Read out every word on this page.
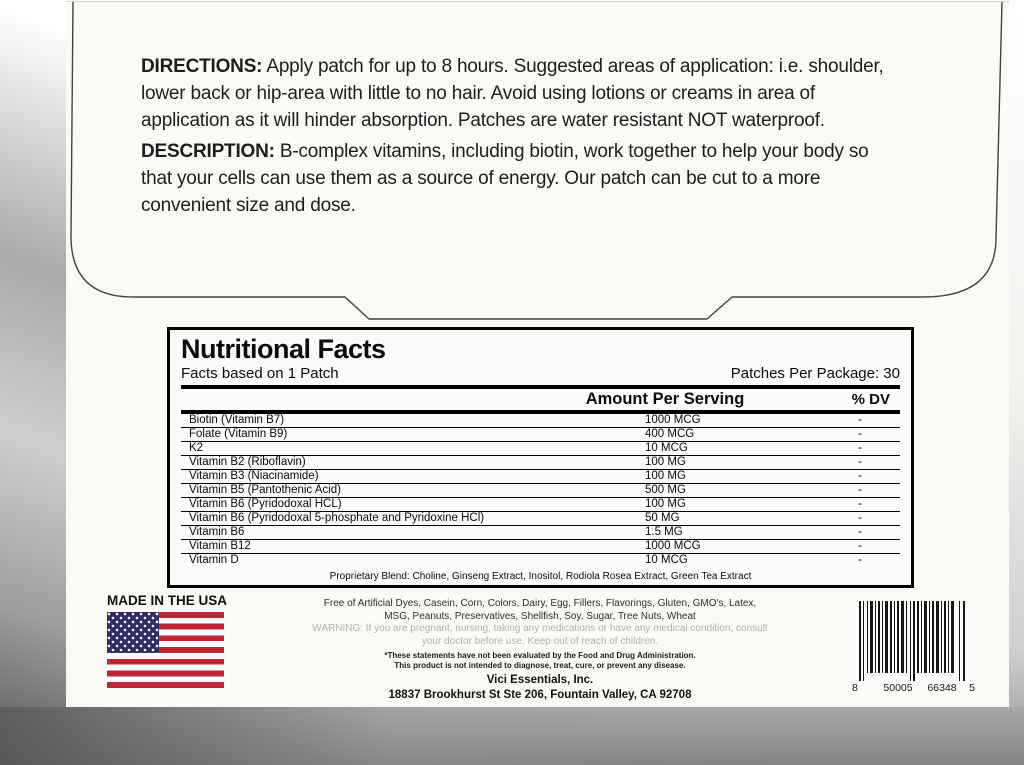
DIRECTIONS: Apply patch for up to 8 hours. Suggested areas of application: i.e. shoulder,
lower back or hip-area with little to no hair. Avoid using lotions or creams in area of
application as it will hinder absorption. Patches are water resistant NOT waterproof.
DESCRIPTION: B-complex vitamins, including biotin, work together to help your body so
that your cells can use them as a source of energy. Our patch can be cut to a more
convenient size and dose.
Nutritional Facts
Facts based on 1 Patch	Patches Per Package: 30
Amount Per Serving	% DV
Biotin (Vitamin B7)	1000 MCG	-
Folate (Vitamin B9)	400 MCG	-
K2	10 MCG	-
Vitamin B2 (Riboflavin)	100 MG	-
Vitamin B3 (Niacinamide)	100 MG	-
Vitamin B5 (Pantothenic Acid)	500 MG	-
Vitamin B6 (Pyridodoxal HCL)	100 MG	-
Vitamin B6 (Pyridodoxal 5-phosphate and Pyridoxine HCl)	50 MG	-
Vitamin B6	1.5 MG	-
Vitamin B12	1000 MCG	-
Vitamin D	10 MCG	-
Proprietary Blend: Choline, Ginseng Extract, Inositol, Rodiola Rosea Extract, Green Tea Extract
MADE IN THE USA	Free of Artificial Dyes, Casein, Corn, Colors, Dairy, Egg, Fillers, Flavorings, Gluten, GMO's, Latex,
MSG, Peanuts, Preservatives, Shellfish, Soy, Sugar, Tree Nuts, Wheat
WARNING: If you are pregnant, nursing, taking any medications or have any medical condition, consult
your doctor before use. Keep out of reach of children.
*These statements have not been evaluated by the Food and Drug Administration.
This product is not intended to diagnose, treat, cure, or prevent any disease.
Vici Essentials, Inc.
18837 Brookhurst St Ste 206, Fountain Valley, CA 92708
8	50005	66348	5
